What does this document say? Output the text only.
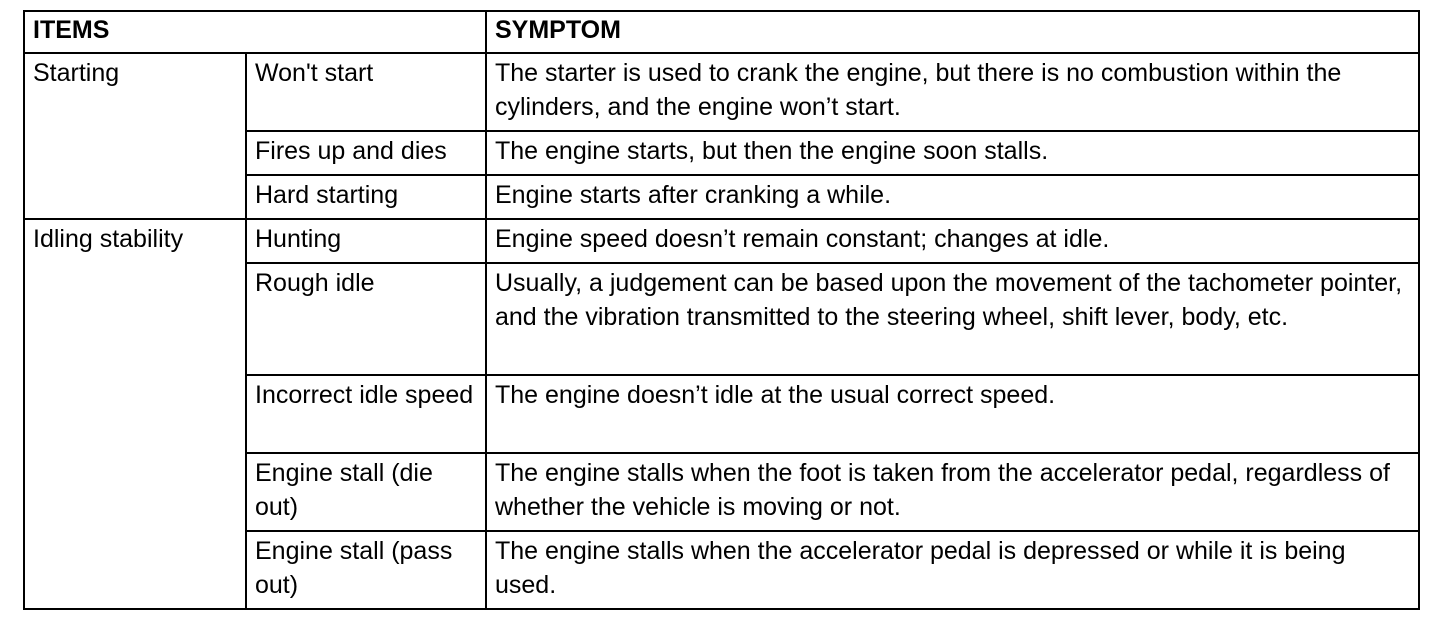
ITEMS		SYMPTOM
Starting	Won't start	The starter is used to crank the engine, but there is no combustion within the cylinders, and the engine won’t start.
	Fires up and dies	The engine starts, but then the engine soon stalls.
	Hard starting	Engine starts after cranking a while.
Idling stability	Hunting	Engine speed doesn’t remain constant; changes at idle.
	Rough idle	Usually, a judgement can be based upon the movement of the tachometer pointer, and the vibration transmitted to the steering wheel, shift lever, body, etc.
	Incorrect idle speed	The engine doesn’t idle at the usual correct speed.
	Engine stall (die out)	The engine stalls when the foot is taken from the accelerator pedal, regardless of whether the vehicle is moving or not.
	Engine stall (pass out)	The engine stalls when the accelerator pedal is depressed or while it is being used.
